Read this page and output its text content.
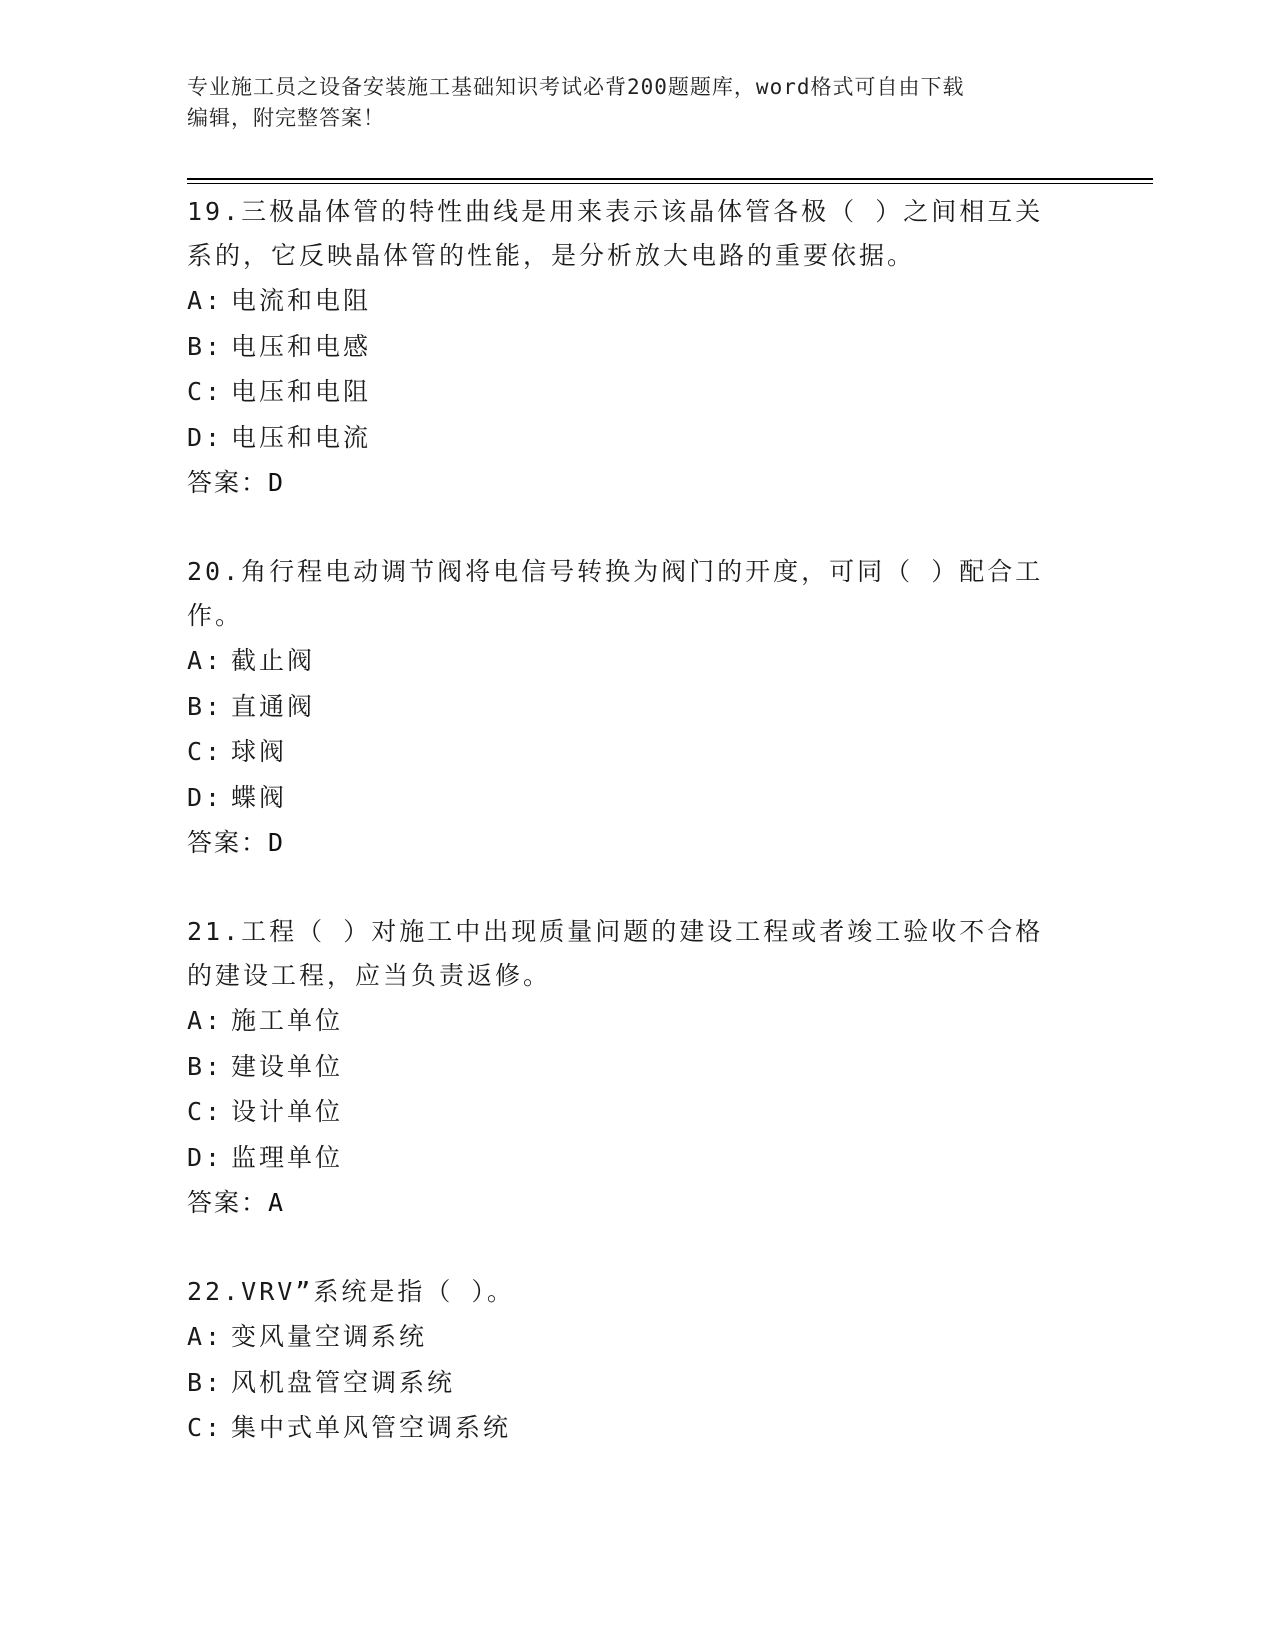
专业施工员之设备安装施工基础知识考试必背200题题库，word格式可自由下载
编辑，附完整答案！
19.三极晶体管的特性曲线是用来表示该晶体管各极（ ）之间相互关
系的，它反映晶体管的性能，是分析放大电路的重要依据。
A: 电流和电阻
B: 电压和电感
C: 电压和电阻
D: 电压和电流
答案：D
20.角行程电动调节阀将电信号转换为阀门的开度，可同（ ）配合工
作。
A: 截止阀
B: 直通阀
C: 球阀
D: 蝶阀
答案：D
21.工程（ ）对施工中出现质量问题的建设工程或者竣工验收不合格
的建设工程，应当负责返修。
A: 施工单位
B: 建设单位
C: 设计单位
D: 监理单位
答案：A
22.VRV”系统是指（ ）。
A: 变风量空调系统
B: 风机盘管空调系统
C: 集中式单风管空调系统
